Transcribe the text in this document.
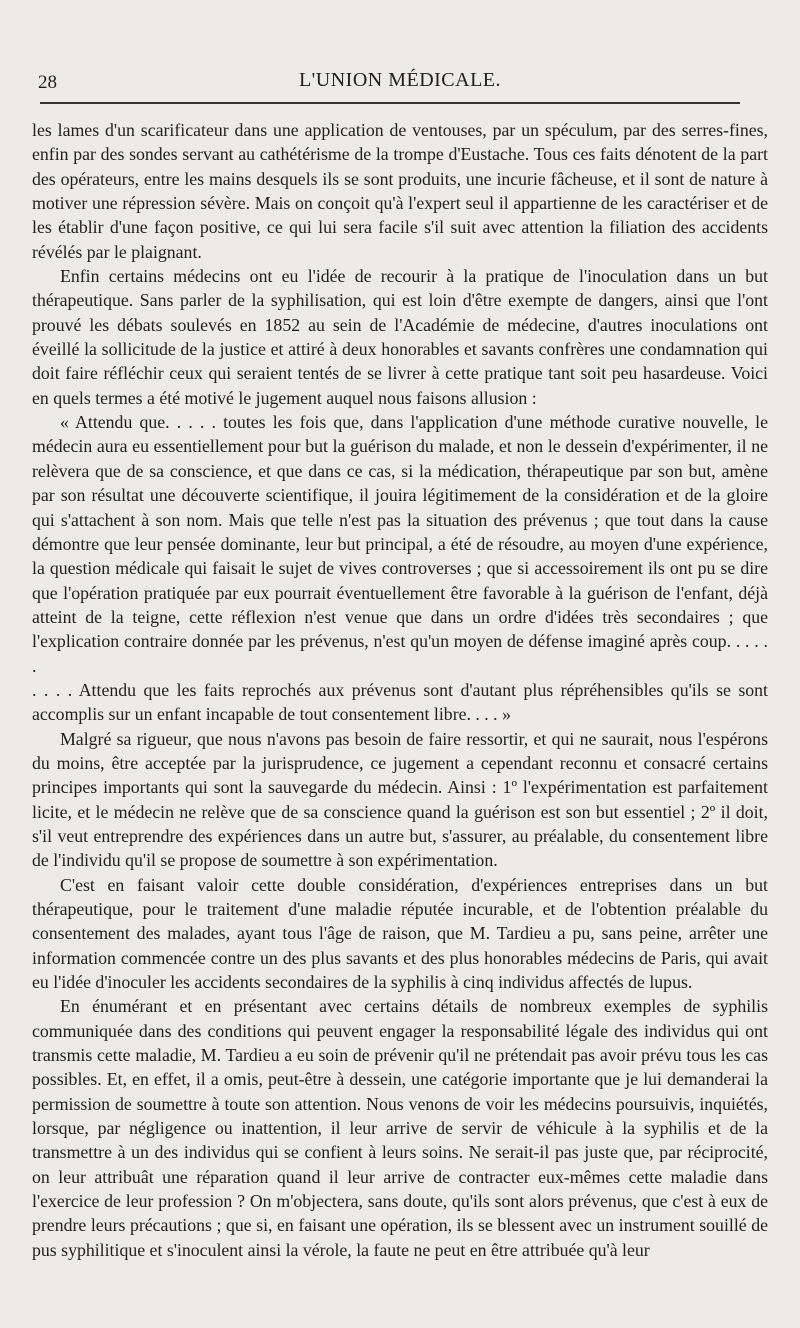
28	L'UNION MÉDICALE.

les lames d'un scarificateur dans une application de ventouses, par un spéculum, par des serres-fines, enfin par des sondes servant au cathétérisme de la trompe d'Eustache. Tous ces faits dénotent de la part des opérateurs, entre les mains desquels ils se sont produits, une incurie fâcheuse, et il sont de nature à motiver une répression sévère. Mais on conçoit qu'à l'expert seul il appartienne de les caractériser et de les établir d'une façon positive, ce qui lui sera facile s'il suit avec attention la filiation des accidents révélés par le plaignant.

Enfin certains médecins ont eu l'idée de recourir à la pratique de l'inoculation dans un but thérapeutique. Sans parler de la syphilisation, qui est loin d'être exempte de dangers, ainsi que l'ont prouvé les débats soulevés en 1852 au sein de l'Académie de médecine, d'autres inoculations ont éveillé la sollicitude de la justice et attiré à deux honorables et savants confrères une condamnation qui doit faire réfléchir ceux qui seraient tentés de se livrer à cette pratique tant soit peu hasardeuse. Voici en quels termes a été motivé le jugement auquel nous faisons allusion :

« Attendu que. . . . . toutes les fois que, dans l'application d'une méthode curative nouvelle, le médecin aura eu essentiellement pour but la guérison du malade, et non le dessein d'expérimenter, il ne relèvera que de sa conscience, et que dans ce cas, si la médication, thérapeutique par son but, amène par son résultat une découverte scientifique, il jouira légitimement de la considération et de la gloire qui s'attachent à son nom. Mais que telle n'est pas la situation des prévenus ; que tout dans la cause démontre que leur pensée dominante, leur but principal, a été de résoudre, au moyen d'une expérience, la question médicale qui faisait le sujet de vives controverses ; que si accessoirement ils ont pu se dire que l'opération pratiquée par eux pourrait éventuellement être favorable à la guérison de l'enfant, déjà atteint de la teigne, cette réflexion n'est venue que dans un ordre d'idées très secondaires ; que l'explication contraire donnée par les prévenus, n'est qu'un moyen de défense imaginé après coup. . . . . .

. . . . Attendu que les faits reprochés aux prévenus sont d'autant plus répréhensibles qu'ils se sont accomplis sur un enfant incapable de tout consentement libre. . . . »

Malgré sa rigueur, que nous n'avons pas besoin de faire ressortir, et qui ne saurait, nous l'espérons du moins, être acceptée par la jurisprudence, ce jugement a cependant reconnu et consacré certains principes importants qui sont la sauvegarde du médecin. Ainsi : 1º l'expérimentation est parfaitement licite, et le médecin ne relève que de sa conscience quand la guérison est son but essentiel ; 2º il doit, s'il veut entreprendre des expériences dans un autre but, s'assurer, au préalable, du consentement libre de l'individu qu'il se propose de soumettre à son expérimentation.

C'est en faisant valoir cette double considération, d'expériences entreprises dans un but thérapeutique, pour le traitement d'une maladie réputée incurable, et de l'obtention préalable du consentement des malades, ayant tous l'âge de raison, que M. Tardieu a pu, sans peine, arrêter une information commencée contre un des plus savants et des plus honorables médecins de Paris, qui avait eu l'idée d'inoculer les accidents secondaires de la syphilis à cinq individus affectés de lupus.

En énumérant et en présentant avec certains détails de nombreux exemples de syphilis communiquée dans des conditions qui peuvent engager la responsabilité légale des individus qui ont transmis cette maladie, M. Tardieu a eu soin de prévenir qu'il ne prétendait pas avoir prévu tous les cas possibles. Et, en effet, il a omis, peut-être à dessein, une catégorie importante que je lui demanderai la permission de soumettre à toute son attention. Nous venons de voir les médecins poursuivis, inquiétés, lorsque, par négligence ou inattention, il leur arrive de servir de véhicule à la syphilis et de la transmettre à un des individus qui se confient à leurs soins. Ne serait-il pas juste que, par réciprocité, on leur attribuât une réparation quand il leur arrive de contracter eux-mêmes cette maladie dans l'exercice de leur profession ? On m'objectera, sans doute, qu'ils sont alors prévenus, que c'est à eux de prendre leurs précautions ; que si, en faisant une opération, ils se blessent avec un instrument souillé de pus syphilitique et s'inoculent ainsi la vérole, la faute ne peut en être attribuée qu'à leur
